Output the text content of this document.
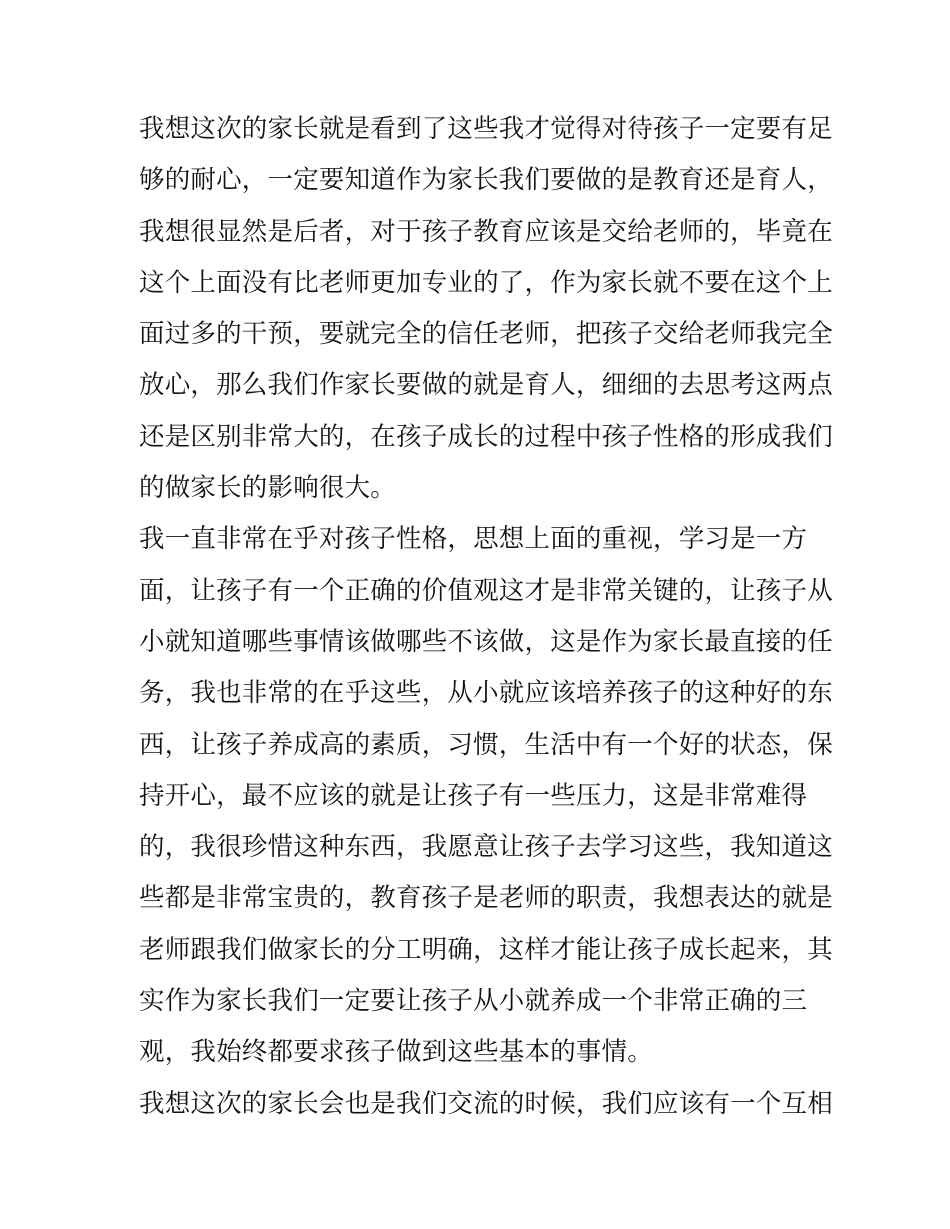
我想这次的家长就是看到了这些我才觉得对待孩子一定要有足
够的耐心，一定要知道作为家长我们要做的是教育还是育人，
我想很显然是后者，对于孩子教育应该是交给老师的，毕竟在
这个上面没有比老师更加专业的了，作为家长就不要在这个上
面过多的干预，要就完全的信任老师，把孩子交给老师我完全
放心，那么我们作家长要做的就是育人，细细的去思考这两点
还是区别非常大的，在孩子成长的过程中孩子性格的形成我们
的做家长的影响很大。
我一直非常在乎对孩子性格，思想上面的重视，学习是一方
面，让孩子有一个正确的价值观这才是非常关键的，让孩子从
小就知道哪些事情该做哪些不该做，这是作为家长最直接的任
务，我也非常的在乎这些，从小就应该培养孩子的这种好的东
西，让孩子养成高的素质，习惯，生活中有一个好的状态，保
持开心，最不应该的就是让孩子有一些压力，这是非常难得
的，我很珍惜这种东西，我愿意让孩子去学习这些，我知道这
些都是非常宝贵的，教育孩子是老师的职责，我想表达的就是
老师跟我们做家长的分工明确，这样才能让孩子成长起来，其
实作为家长我们一定要让孩子从小就养成一个非常正确的三
观，我始终都要求孩子做到这些基本的事情。
我想这次的家长会也是我们交流的时候，我们应该有一个互相
